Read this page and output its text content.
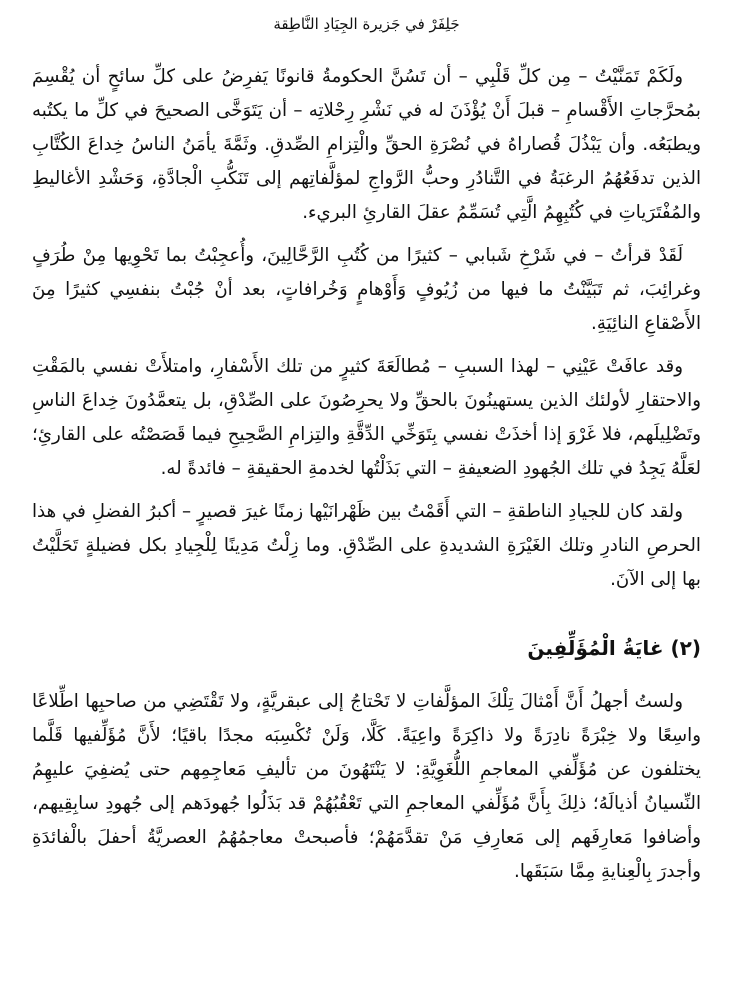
جَلِفَرْ في جَزيرة الجِيَادِ النَّاطِقة

ولَكَمْ تَمَنَّيْتُ – مِن كلِّ قَلْبِي – أن تَسُنَّ الحكومةُ قانونًا يَفرِضُ على كلِّ سائحٍ أن يُقْسِمَ بمُحرَّجاتِ الأَقْسامِ – قبلَ أَنْ يُؤْذَنَ له في نَشْرِ رِحْلاتِه – أن يَتَوَخَّى الصحيحَ في كلِّ ما يكتُبه ويطبَعُه. وأن يَبْذُلَ قُصاراهُ في نُصْرَةِ الحقِّ والْتِزامِ الصِّدقِ. وثَمَّةَ يأمَنُ الناسُ خِداعَ الكُتَّابِ الذين تدفَعُهُمُ الرغبَةُ في التَّنادُرِ وحبُّ الرَّواجِ لمؤلَّفاتِهم إلى تَنَكُّبِ الْجادَّةِ، وَحَشْدِ الأغاليطِ والمُفْتَرَياتِ في كُتُبِهِمُ الَّتِي تُسَمِّمُ عقلَ القارئِ البريء.

لَقَدْ قرأتُ – في شَرْخِ شَبابي – كثيرًا من كُتُبِ الرَّحَّالِينَ، وأُعجِبْتُ بما تَحْوِيها مِنْ طُرَفٍ وغرائِبَ، ثم تَبَيَّنْتُ ما فيها من زُيُوفٍ وَأَوْهامٍ وَخُرافاتٍ، بعد أنْ جُبْتُ بنفسِي كثيرًا مِنَ الأَصْقاعِ النائِيَةِ.

وقد عافَتْ عَيْنِي – لهذا السببِ – مُطالَعَةَ كثيرٍ من تلك الأَسْفارِ، وامتلأَتْ نفسي بالمَقْتِ والاحتقارِ لأولئك الذين يستهينُونَ بالحقِّ ولا يحرِصُونَ على الصِّدْقِ، بل يتعمَّدُونَ خِداعَ الناسِ وتَضْلِيلَهم، فلا غَرْوَ إذا أخذَتْ نفسي بِتَوَخِّي الدِّقَّةِ والتِزامِ الصَّحِيحِ فيما قَصَصْتُه على القارئِ؛ لعَلَّهُ يَجِدُ في تلك الجُهودِ الضعيفةِ – التي بَذَلْتُها لخدمةِ الحقيقةِ – فائدةً له.

ولقد كان للجيادِ الناطقةِ – التي أَقَمْتُ بين ظَهْرانَيْها زمنًا غيرَ قصيرٍ – أكبرُ الفضلِ في هذا الحرصِ النادرِ وتلك الغَيْرَةِ الشديدةِ على الصِّدْقِ. وما زِلْتُ مَدِينًا لِلْجِيادِ بكل فضيلةٍ تَحَلَّيْتُ بها إلى الآنَ.

(٢) غايَةُ الْمُؤَلِّفِينَ

ولستُ أجهلُ أَنَّ أَمْثالَ تِلْكَ المؤلَّفاتِ لا تَحْتاجُ إلى عبقريَّةٍ، ولا تَقْتَضِي من صاحبِها اطِّلاعًا واسِعًا ولا خِبْرَةً نادِرَةً ولا ذاكِرَةً واعِيَةً. كَلَّا، وَلَنْ تُكْسِبَه مجدًا باقيًا؛ لأَنَّ مُؤَلِّفيها قَلَّما يختلفون عن مُؤَلِّفي المعاجمِ اللُّغَوِيَّةِ: لا يَنْتَهُونَ من تأليفِ مَعاجِمِهم حتى يُضفِيَ عليهِمُ النِّسيانُ أذيالَهُ؛ ذلِكَ بِأَنَّ مُؤَلِّفي المعاجمِ التي تَعْقُبُهُمْ قد بَذَلُوا جُهودَهم إلى جُهودِ سابِقِيهم، وأضافوا مَعارِفَهم إلى مَعارِفِ مَنْ تقدَّمَهُمْ؛ فأصبحتْ معاجمُهُمُ العصريَّةُ أحفلَ بالْفائدَةِ وأجدرَ بِالْعِنايةِ مِمَّا سَبَقَها.
